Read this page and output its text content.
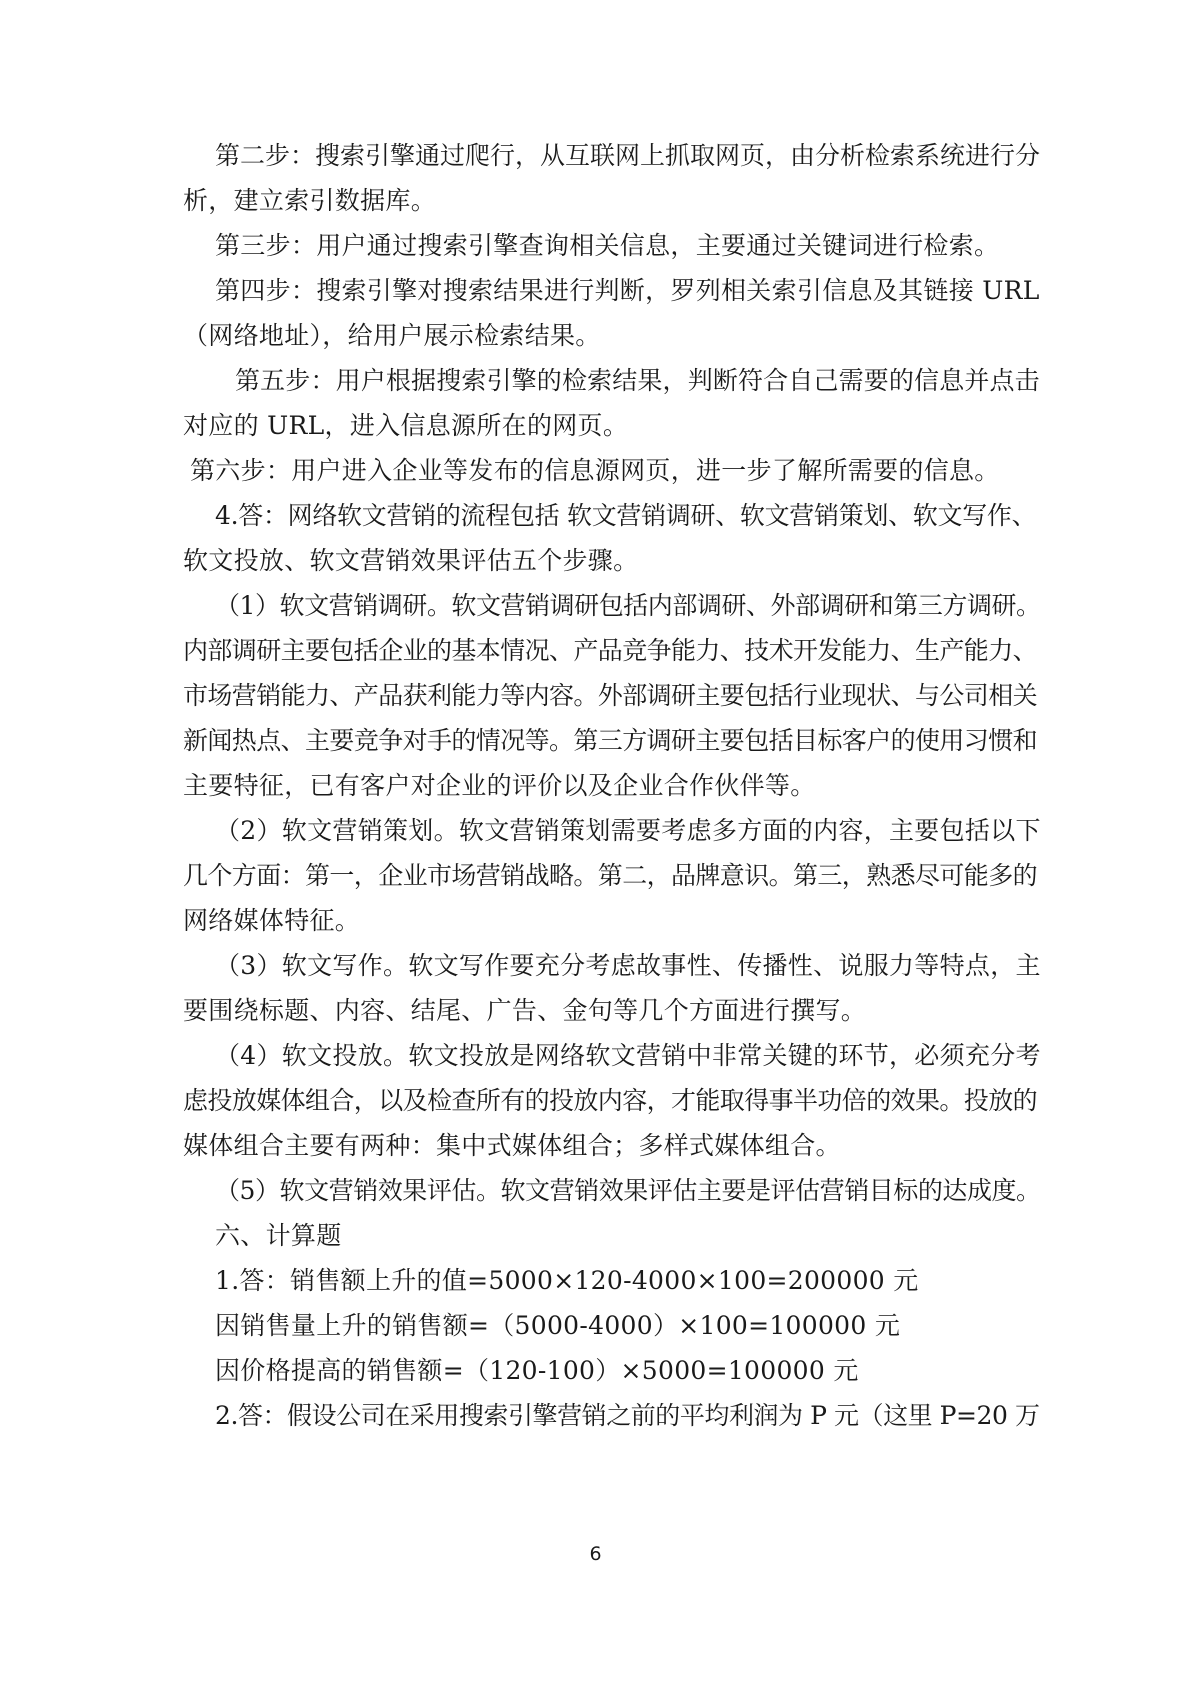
第二步：搜索引擎通过爬行，从互联网上抓取网页，由分析检索系统进行分
析，建立索引数据库。
第三步：用户通过搜索引擎查询相关信息，主要通过关键词进行检索。
第四步：搜索引擎对搜索结果进行判断，罗列相关索引信息及其链接 URL
（网络地址），给用户展示检索结果。
第五步：用户根据搜索引擎的检索结果，判断符合自己需要的信息并点击
对应的 URL，进入信息源所在的网页。
第六步：用户进入企业等发布的信息源网页，进一步了解所需要的信息。
4.答：网络软文营销的流程包括 软文营销调研、软文营销策划、软文写作、
软文投放、软文营销效果评估五个步骤。
（1）软文营销调研。软文营销调研包括内部调研、外部调研和第三方调研。
内部调研主要包括企业的基本情况、产品竞争能力、技术开发能力、生产能力、
市场营销能力、产品获利能力等内容。外部调研主要包括行业现状、与公司相关
新闻热点、主要竞争对手的情况等。第三方调研主要包括目标客户的使用习惯和
主要特征，已有客户对企业的评价以及企业合作伙伴等。
（2）软文营销策划。软文营销策划需要考虑多方面的内容，主要包括以下
几个方面：第一，企业市场营销战略。第二，品牌意识。第三，熟悉尽可能多的
网络媒体特征。
（3）软文写作。软文写作要充分考虑故事性、传播性、说服力等特点，主
要围绕标题、内容、结尾、广告、金句等几个方面进行撰写。
（4）软文投放。软文投放是网络软文营销中非常关键的环节，必须充分考
虑投放媒体组合，以及检查所有的投放内容，才能取得事半功倍的效果。投放的
媒体组合主要有两种：集中式媒体组合；多样式媒体组合。
（5）软文营销效果评估。软文营销效果评估主要是评估营销目标的达成度。
六、计算题
1.答：销售额上升的值=5000×120-4000×100=200000 元
因销售量上升的销售额=（5000-4000）×100=100000 元
因价格提高的销售额=（120-100）×5000=100000 元
2.答：假设公司在采用搜索引擎营销之前的平均利润为 P 元（这里 P=20 万
6
